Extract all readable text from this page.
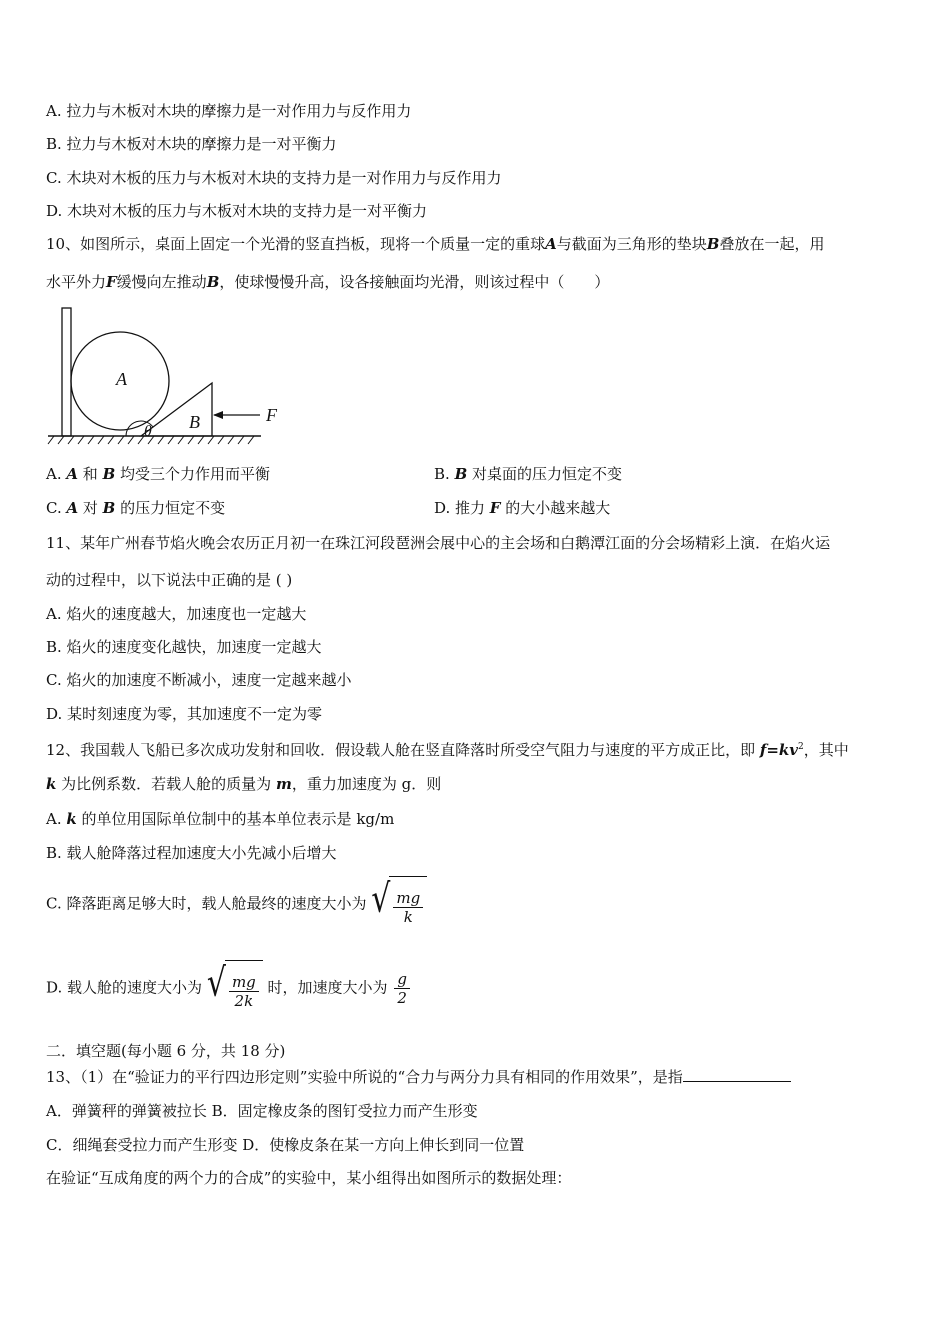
A. 拉力与木板对木块的摩擦力是一对作用力与反作用力
B. 拉力与木板对木块的摩擦力是一对平衡力
C. 木块对木板的压力与木板对木块的支持力是一对作用力与反作用力
D. 木块对木板的压力与木板对木块的支持力是一对平衡力
10、如图所示，桌面上固定一个光滑的竖直挡板，现将一个质量一定的重球A与截面为三角形的垫块B叠放在一起，用
水平外力F缓慢向左推动B，使球慢慢升高，设各接触面均光滑，则该过程中（　　）
A
B	F
θ
A. A 和 B 均受三个力作用而平衡	B. B 对桌面的压力恒定不变
C. A 对 B 的压力恒定不变	D. 推力 F 的大小越来越大
11、某年广州春节焰火晚会农历正月初一在珠江河段琶洲会展中心的主会场和白鹅潭江面的分会场精彩上演．在焰火运
动的过程中，以下说法中正确的是 ( )
A. 焰火的速度越大，加速度也一定越大
B. 焰火的速度变化越快，加速度一定越大
C. 焰火的加速度不断减小，速度一定越来越小
D. 某时刻速度为零，其加速度不一定为零
12、我国载人飞船已多次成功发射和回收．假设载人舱在竖直降落时所受空气阻力与速度的平方成正比，即 $f=kv^2$，其中
k 为比例系数．若载人舱的质量为 m，重力加速度为 g．则
A. k 的单位用国际单位制中的基本单位表示是 kg/m
B. 载人舱降落过程加速度大小先减小后增大
C. 降落距离足够大时，载人舱最终的速度大小为 √ $\frac{mg}{k}$
D. 载人舱的速度大小为 √ $\frac{mg}{2k}$ 时，加速度大小为 $\frac{g}{2}$
二．填空题(每小题 6 分，共 18 分)
13、（1）在“验证力的平行四边形定则”实验中所说的“合力与两分力具有相同的作用效果”，是指
A．弹簧秤的弹簧被拉长 B．固定橡皮条的图钉受拉力而产生形变
C．细绳套受拉力而产生形变 D．使橡皮条在某一方向上伸长到同一位置
在验证“互成角度的两个力的合成”的实验中，某小组得出如图所示的数据处理：
